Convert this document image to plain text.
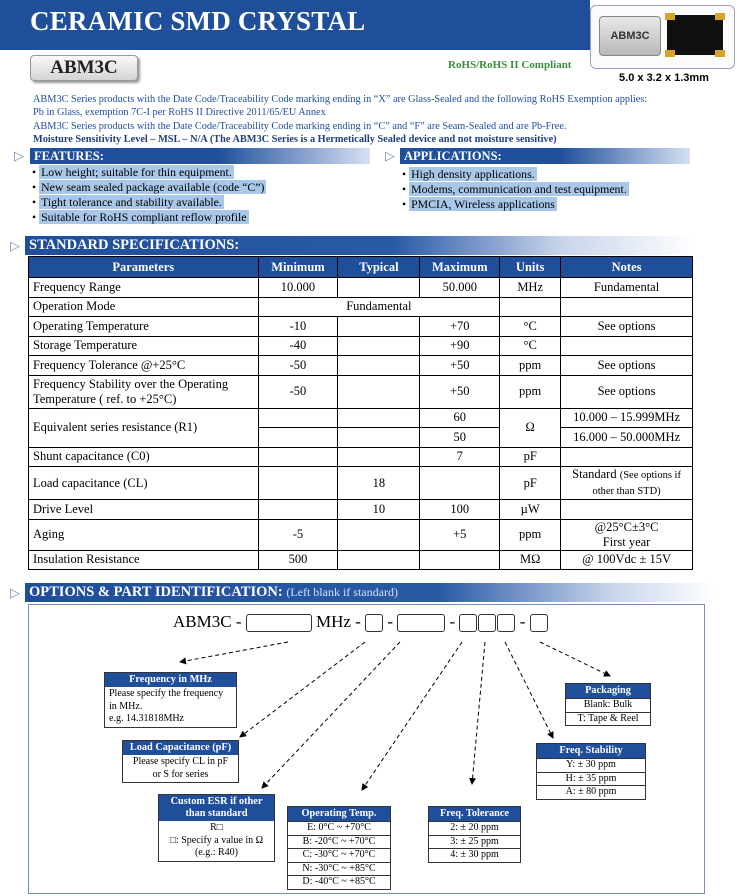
CERAMIC SMD CRYSTAL	ABM3C
5.0 x 3.2 x 1.3mm
ABM3C	RoHS/RoHS II Compliant
ABM3C Series products with the Date Code/Traceability Code marking ending in “X” are Glass-Sealed and the following RoHS Exemption applies:
Pb in Glass, exemption 7C-I per RoHS II Directive 2011/65/EU Annex
ABM3C Series products with the Date Code/Traceability Code marking ending in “C” and “F” are Seam-Sealed and are Pb-Free.
Moisture Sensitivity Level – MSL – N/A (The ABM3C Series is a Hermetically Sealed device and not moisture sensitive)
▷ FEATURES:
• Low height; suitable for thin equipment.
• New seam sealed package available (code “C”)
• Tight tolerance and stability available.
• Suitable for RoHS compliant reflow profile
▷ APPLICATIONS:
• High density applications.
• Modems, communication and test equipment.
• PMCIA, Wireless applications
▷ STANDARD SPECIFICATIONS:
Parameters	Minimum	Typical	Maximum	Units	Notes
Frequency Range	10.000		50.000	MHz	Fundamental
Operation Mode	Fundamental				
Operating Temperature	-10		+70	°C	See options
Storage Temperature	-40		+90	°C	
Frequency Tolerance @+25°C	-50		+50	ppm	See options
Frequency Stability over the Operating
Temperature ( ref. to +25°C)	-50		+50	ppm	See options
Equivalent series resistance (R1)			60	Ω	10.000 – 15.999MHz
			50		16.000 – 50.000MHz
Shunt capacitance (C0)			7	pF	
Load capacitance (CL)		18		pF	Standard (See options if
other than STD)
Drive Level		10	100	µW	
Aging	-5		+5	ppm	@25°C±3°C
First year
Insulation Resistance	500			MΩ	@ 100Vdc ± 15V
▷ OPTIONS & PART IDENTIFICATION: (Left blank if standard)
ABM3C -	MHz - -	-	-
Frequency in MHz
Please specify the frequency
in MHz.
e.g. 14.31818MHz
Load Capacitance (pF)
Please specify CL in pF
or S for series
Custom ESR if other
than standard
R□
□: Specify a value in Ω
(e.g.: R40)
Operating Temp.
E: 0°C ~ +70°C
B: -20°C ~ +70°C
C: -30°C ~ +70°C
N: -30°C ~ +85°C
D: -40°C ~ +85°C
Freq. Tolerance
2: ± 20 ppm
3: ± 25 ppm
4: ± 30 ppm
Freq. Stability
Y: ± 30 ppm
H: ± 35 ppm
A: ± 80 ppm
Packaging
Blank: Bulk
T: Tape & Reel
